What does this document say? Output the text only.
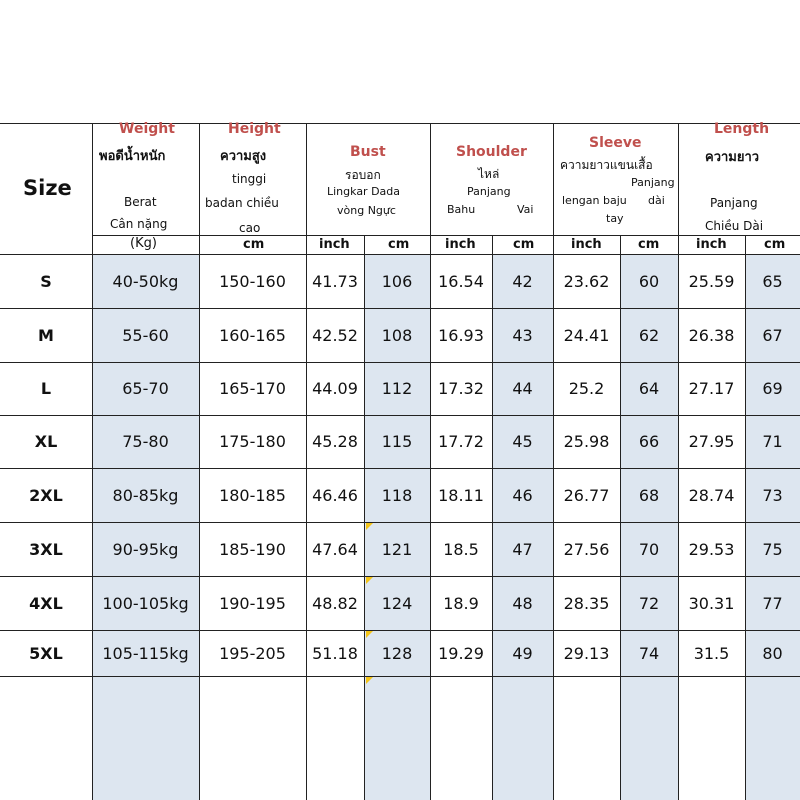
Size
Weight
พอดีน้ำหนัก
Berat
Cân nặng
(Kg)
Height
ความสูง
tinggi
badan chiều
cao
cm
Bust
รอบอก
Lingkar Dada
vòng Ngực
inch	cm
Shoulder
ไหล่
Panjang
Bahu	Vai
inch	cm
Sleeve
ความยาวแขนเสื้อ
Panjang
lengan baju dài
tay
inch	cm
Length
ความยาว
Panjang
Chiều Dài
inch	cm
S	40-50kg	150-160	41.73	106	16.54	42	23.62	60	25.59	65
M	55-60	160-165	42.52	108	16.93	43	24.41	62	26.38	67
L	65-70	165-170	44.09	112	17.32	44	25.2	64	27.17	69
XL	75-80	175-180	45.28	115	17.72	45	25.98	66	27.95	71
2XL	80-85kg	180-185	46.46	118	18.11	46	26.77	68	28.74	73
3XL	90-95kg	185-190	47.64	121	18.5	47	27.56	70	29.53	75
4XL	100-105kg	190-195	48.82	124	18.9	48	28.35	72	30.31	77
5XL	105-115kg	195-205	51.18	128	19.29	49	29.13	74	31.5	80
